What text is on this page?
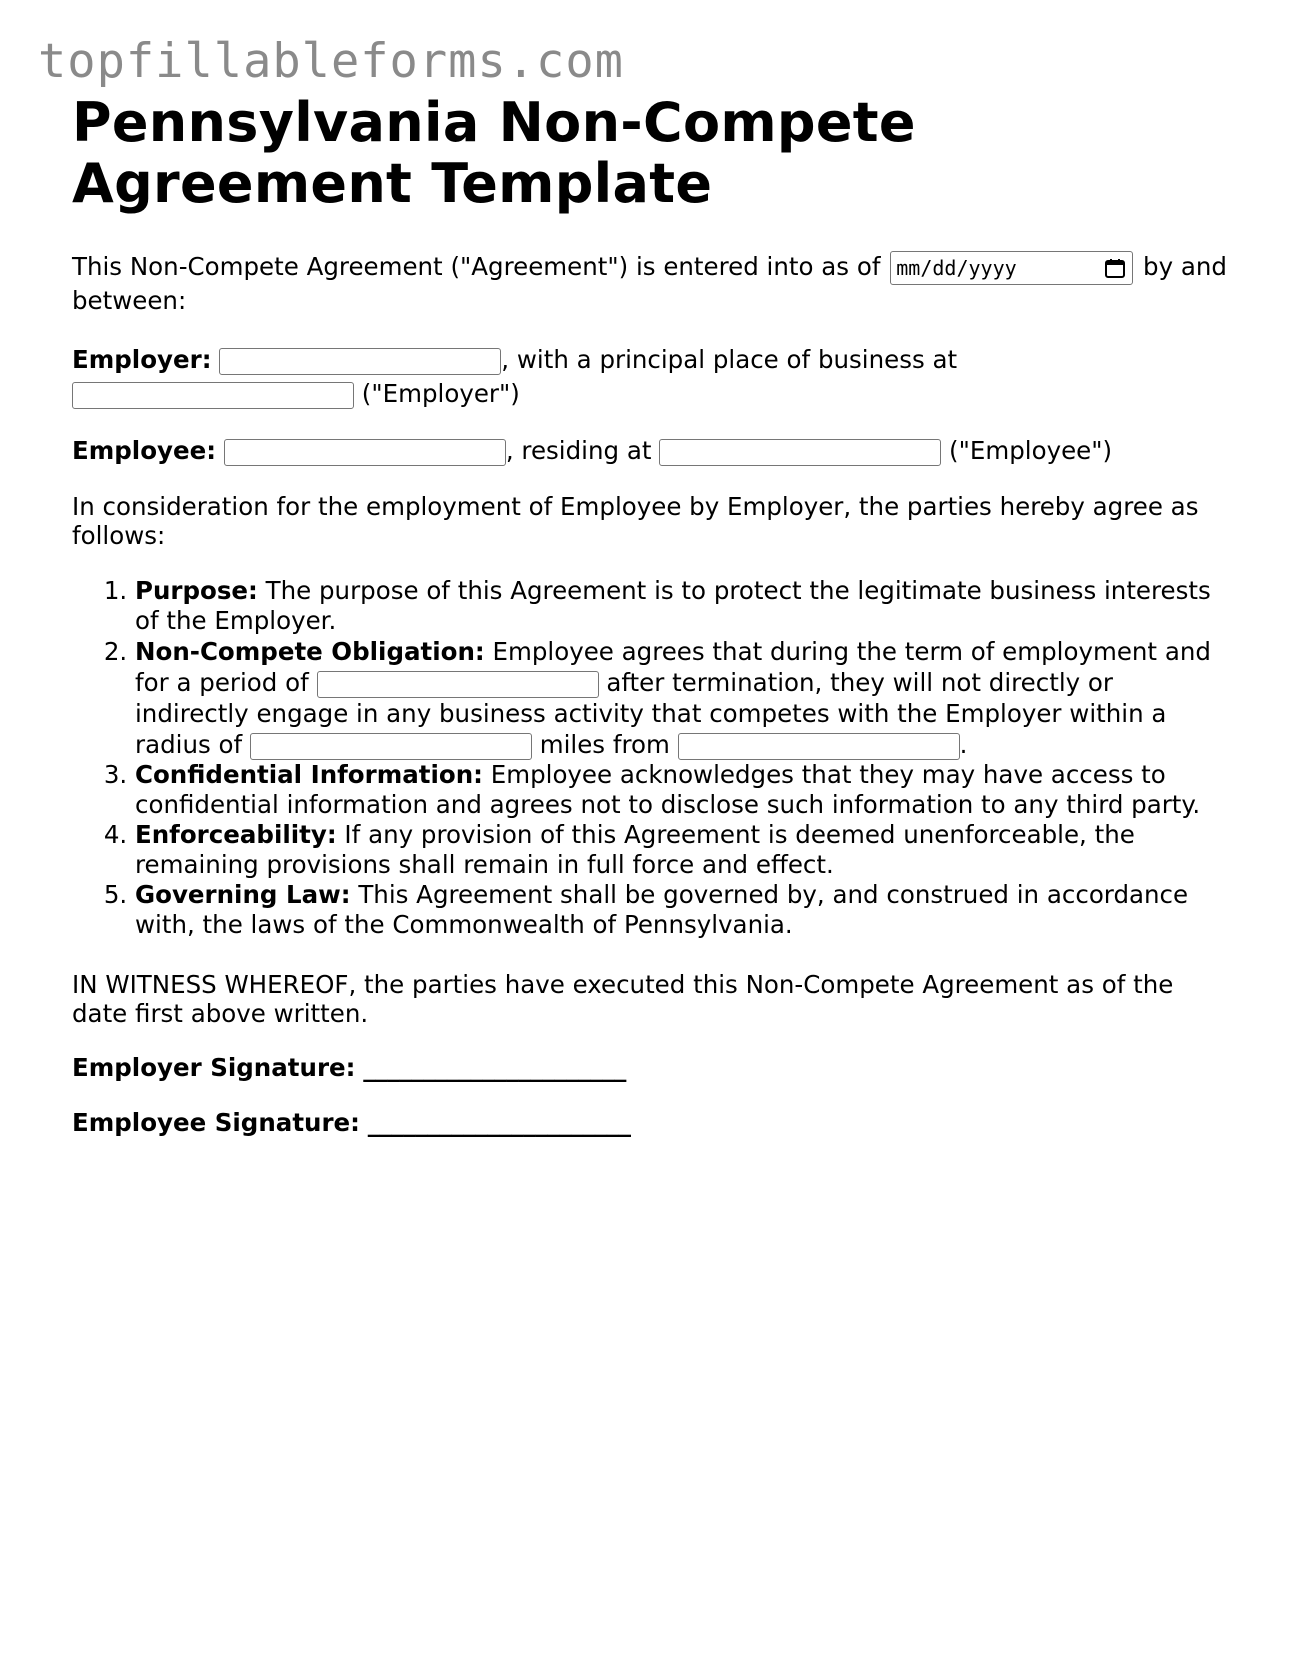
topfillableforms.com
Pennsylvania Non-Compete Agreement Template

This Non-Compete Agreement ("Agreement") is entered into as of mm/dd/yyyy	by and between:

Employer:	, with a principal place of business at  ("Employer")

Employee:	, residing at	("Employee")

In consideration for the employment of Employee by Employer, the parties hereby agree as follows:

1. Purpose: The purpose of this Agreement is to protect the legitimate business interests of the Employer.
2. Non-Compete Obligation: Employee agrees that during the term of employment and for a period of	after termination, they will not directly or indirectly engage in any business activity that competes with the Employer within a radius of	miles from	.
3. Confidential Information: Employee acknowledges that they may have access to confidential information and agrees not to disclose such information to any third party.
4. Enforceability: If any provision of this Agreement is deemed unenforceable, the remaining provisions shall remain in full force and effect.
5. Governing Law: This Agreement shall be governed by, and construed in accordance with, the laws of the Commonwealth of Pennsylvania.

IN WITNESS WHEREOF, the parties have executed this Non-Compete Agreement as of the date first above written.

Employer Signature: ______________________

Employee Signature: ______________________
